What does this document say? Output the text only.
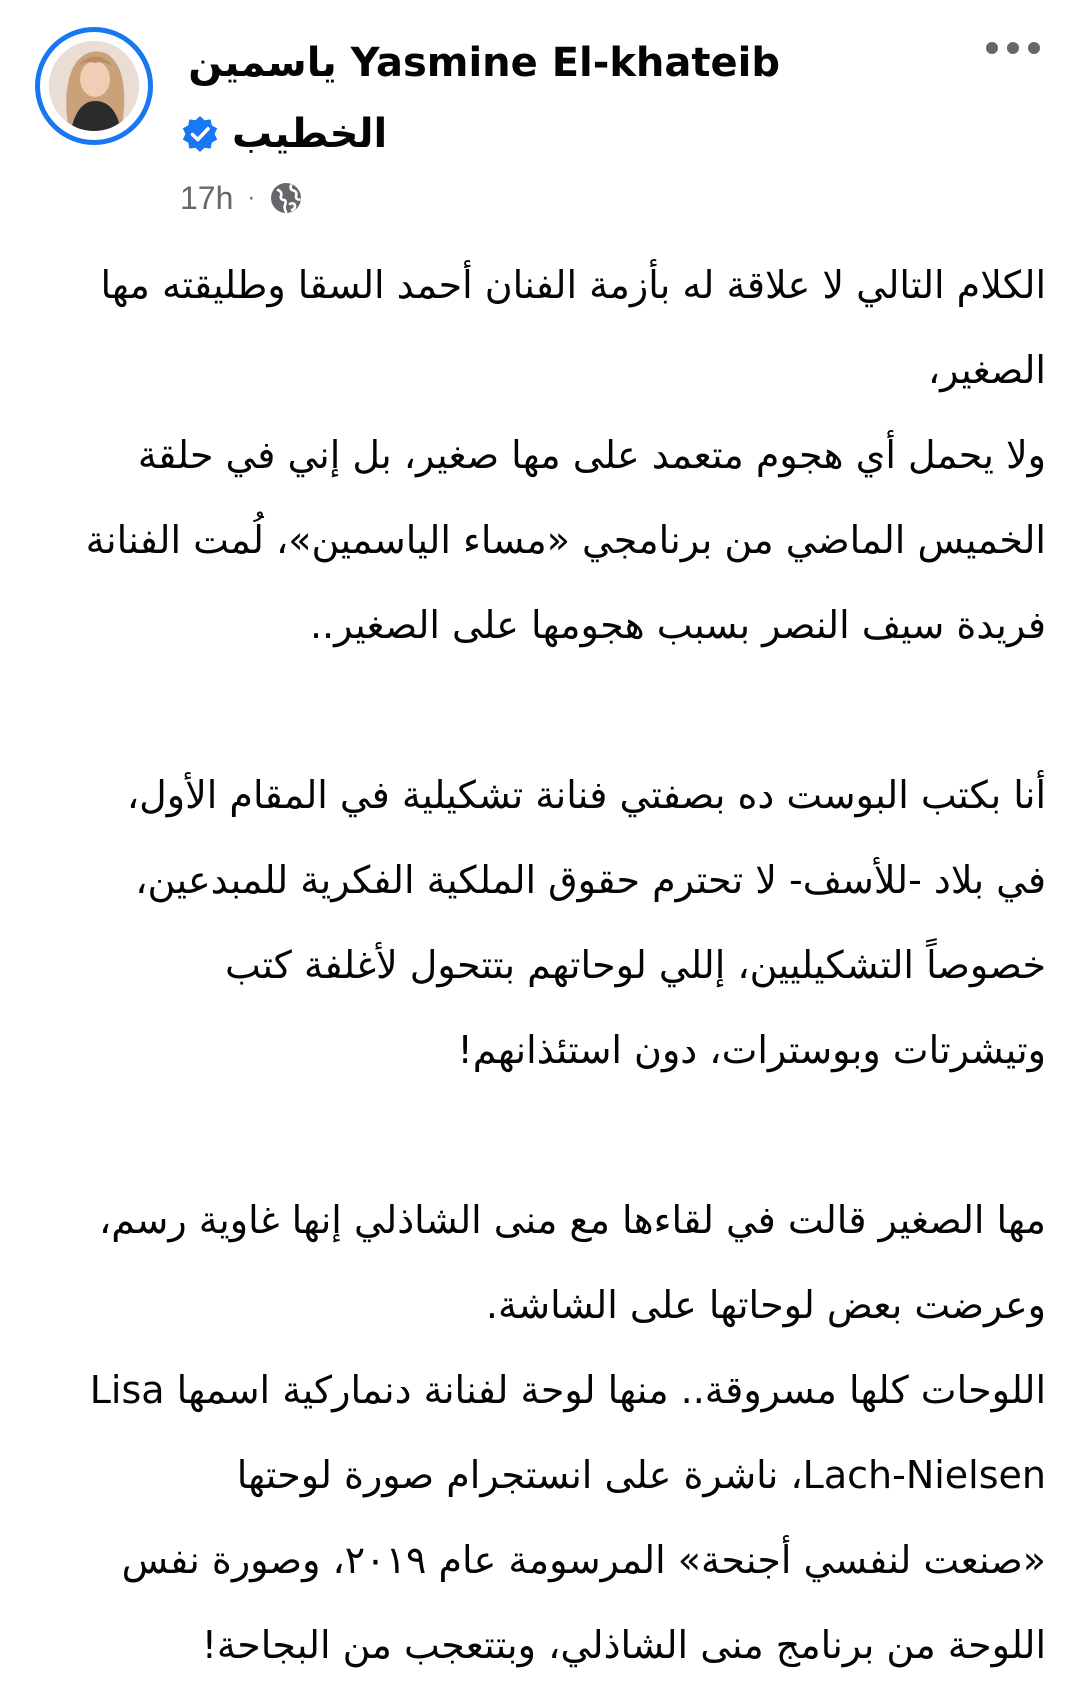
Yasmine El-khateib ياسمين
الخطيب
17h ·
الكلام التالي لا علاقة له بأزمة الفنان أحمد السقا وطليقته مها
الصغير،
ولا يحمل أي هجوم متعمد على مها صغير، بل إني في حلقة
الخميس الماضي من برنامجي «مساء الياسمين»، لُمت الفنانة
فريدة سيف النصر بسبب هجومها على الصغير..
أنا بكتب البوست ده بصفتي فنانة تشكيلية في المقام الأول،
في بلاد -للأسف- لا تحترم حقوق الملكية الفكرية للمبدعين،
خصوصاً التشكيليين، إللي لوحاتهم بتتحول لأغلفة كتب
وتيشرتات وبوسترات، دون استئذانهم!
مها الصغير قالت في لقاءها مع منى الشاذلي إنها غاوية رسم،
وعرضت بعض لوحاتها على الشاشة.
اللوحات كلها مسروقة.. منها لوحة لفنانة دنماركية اسمها Lisa
Lach-Nielsen، ناشرة على انستجرام صورة لوحتها
«صنعت لنفسي أجنحة» المرسومة عام ٢٠١٩، وصورة نفس
اللوحة من برنامج منى الشاذلي، وبتتعجب من البجاحة!
